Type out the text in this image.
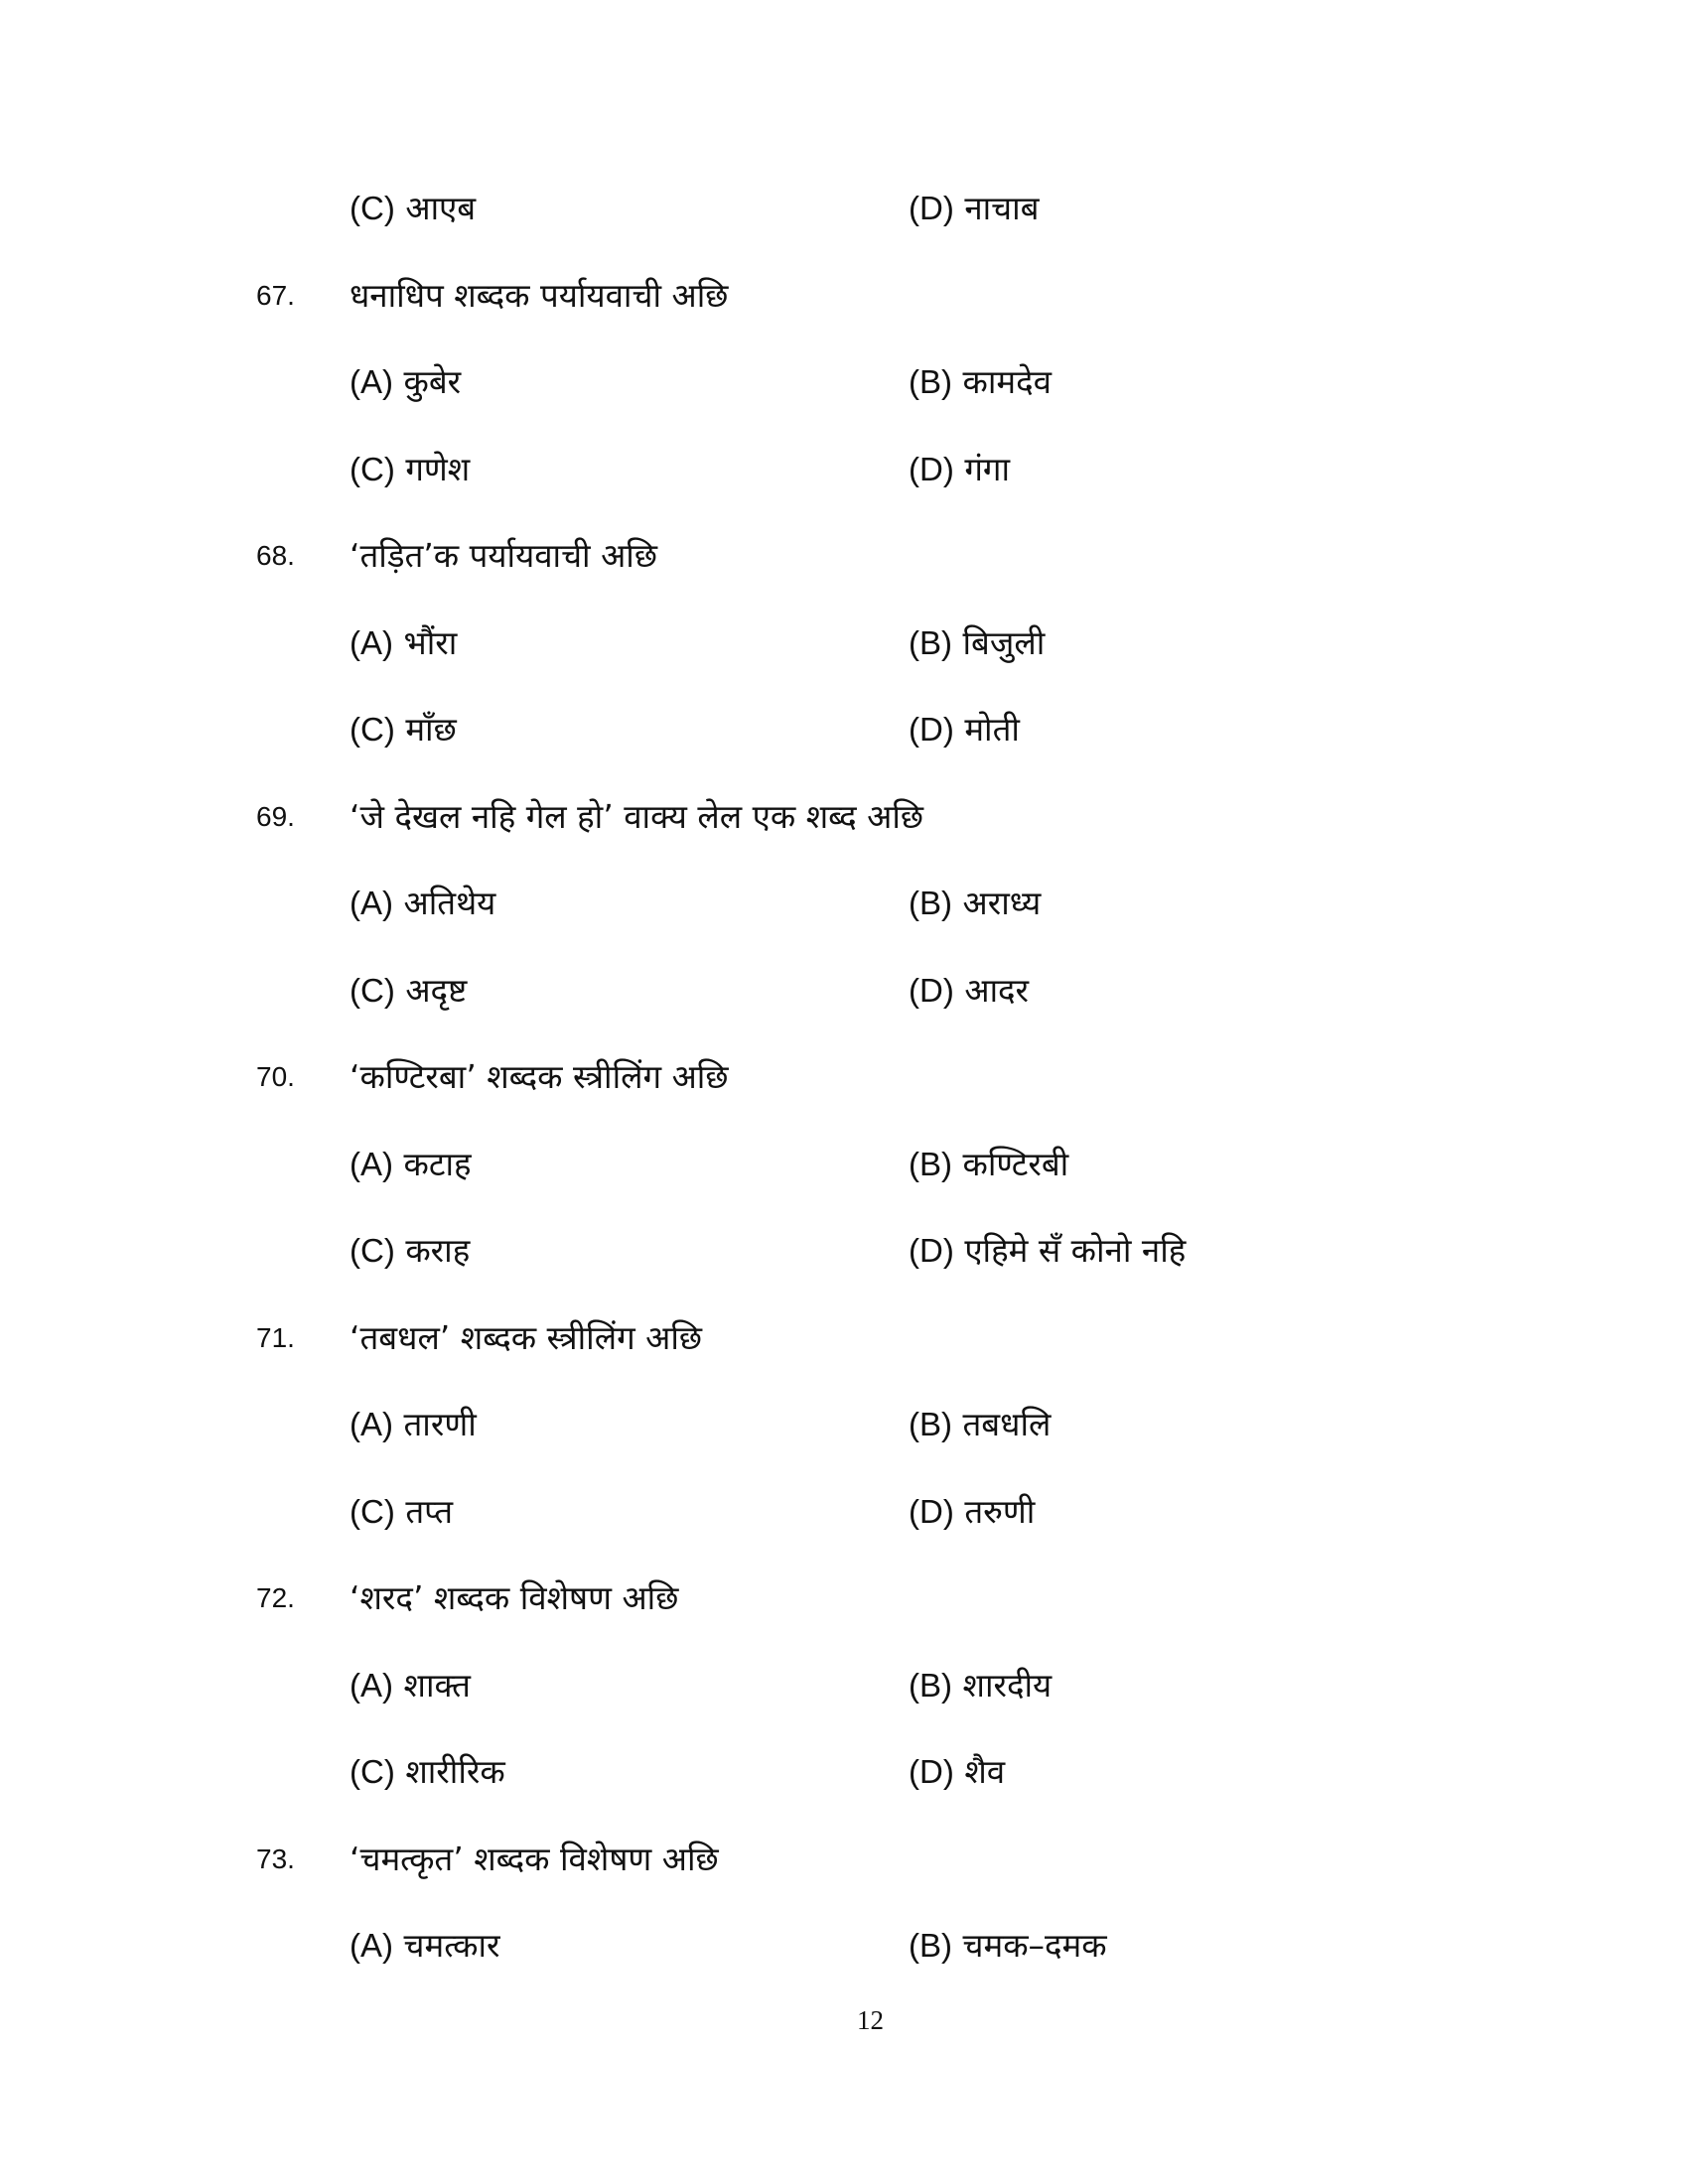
(C) आएब	(D) नाचाब
67. धनाधिप शब्दक पर्यायवाची अछि
(A) कुबेर	(B) कामदेव
(C) गणेश	(D) गंगा
68. ‘तड़ित’क पर्यायवाची अछि
(A) भौंरा	(B) बिजुली
(C) माँछ	(D) मोती
69. ‘जे देखल नहि गेल हो’ वाक्य लेल एक शब्द अछि
(A) अतिथेय	(B) अराध्य
(C) अदृष्ट	(D) आदर
70. ‘कण्टिरबा’ शब्दक स्त्रीलिंग अछि
(A) कटाह	(B) कण्टिरबी
(C) कराह	(D) एहिमे सँ कोनो नहि
71. ‘तबधल’ शब्दक स्त्रीलिंग अछि
(A) तारणी	(B) तबधलि
(C) तप्त	(D) तरुणी
72. ‘शरद’ शब्दक विशेषण अछि
(A) शाक्त	(B) शारदीय
(C) शारीरिक	(D) शैव
73. ‘चमत्कृत’ शब्दक विशेषण अछि
(A) चमत्कार	(B) चमक–दमक
12
